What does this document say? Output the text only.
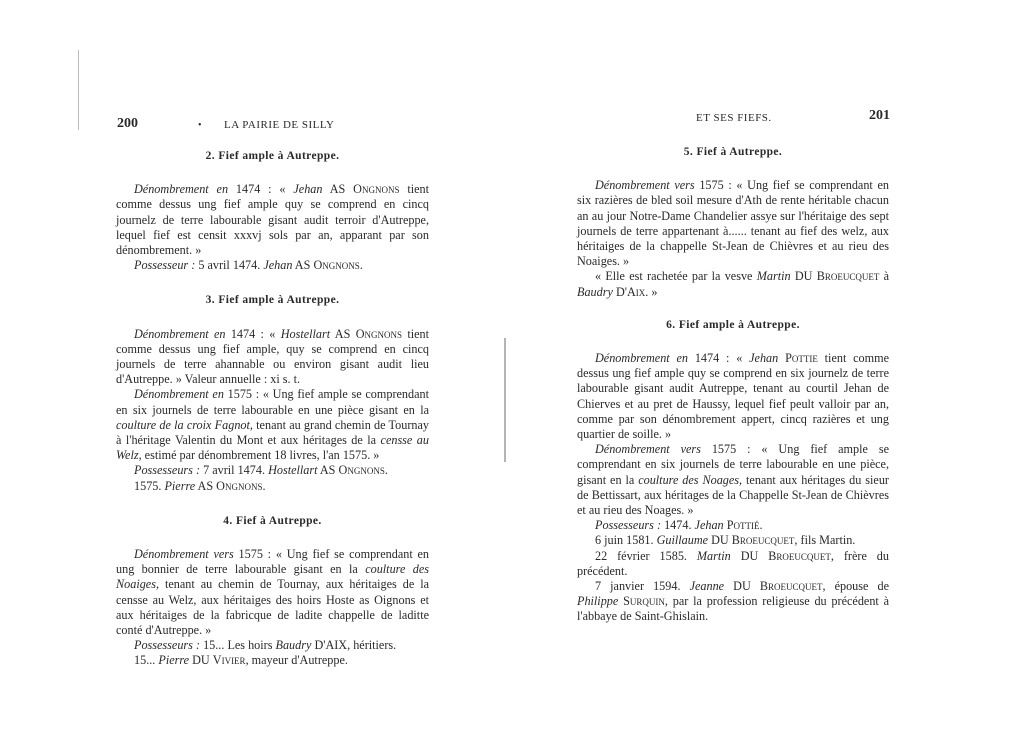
200	• LA PAIRIE DE SILLY
2. Fief ample à Autreppe.

Dénombrement en 1474 : « Jehan AS Ongnons tient comme dessus ung fief ample quy se comprend en cincq journelz de terre labourable gisant audit terroir d'Autreppe, lequel fief est censit xxxvj sols par an, apparant par son dénombrement. »

Possesseur : 5 avril 1474. Jehan AS Ongnons.

3. Fief ample à Autreppe.

Dénombrement en 1474 : « Hostellart AS Ongnons tient comme dessus ung fief ample, quy se comprend en cincq journels de terre ahannable ou environ gisant audit lieu d'Autreppe. » Valeur annuelle : xi s. t.

Dénombrement en 1575 : « Ung fief ample se comprendant en six journels de terre labourable en une pièce gisant en la coulture de la croix Fagnot, tenant au grand chemin de Tournay à l'héritage Valentin du Mont et aux héritages de la censse au Welz, estimé par dénombrement 18 livres, l'an 1575. »

Possesseurs : 7 avril 1474. Hostellart AS Ongnons.

1575. Pierre AS Ongnons.

4. Fief à Autreppe.

Dénombrement vers 1575 : « Ung fief se comprendant en ung bonnier de terre labourable gisant en la coulture des Noaiges, tenant au chemin de Tournay, aux héritaiges de la censse au Welz, aux héritaiges des hoirs Hoste as Oignons et aux héritaiges de la fabricque de ladite chappelle de laditte conté d'Autreppe. »

Possesseurs : 15... Les hoirs Baudry D'AIX, héritiers.

15... Pierre DU Vivier, mayeur d'Autreppe.

ET SES FIEFS.	201
5. Fief à Autreppe.

Dénombrement vers 1575 : « Ung fief se comprendant en six razières de bled soil mesure d'Ath de rente héritable chacun an au jour Notre-Dame Chandelier assye sur l'héritaige des sept journels de terre appartenant à...... tenant au fief des welz, aux héritaiges de la chappelle St-Jean de Chièvres et au rieu des Noaiges. »

« Elle est rachetée par la vesve Martin DU Broeucquet à Baudry D'Aix. »

6. Fief ample à Autreppe.

Dénombrement en 1474 : « Jehan Pottie tient comme dessus ung fief ample quy se comprend en six journelz de terre labourable gisant audit Autreppe, tenant au courtil Jehan de Chierves et au pret de Haussy, lequel fief peult valloir par an, comme par son dénombrement appert, cincq razières et ung quartier de soille. »

Dénombrement vers 1575 : « Ung fief ample se comprendant en six journels de terre labourable en une pièce, gisant en la coulture des Noages, tenant aux héritages du sieur de Bettissart, aux héritages de la Chappelle St-Jean de Chièvres et au rieu des Noages. »

Possesseurs : 1474. Jehan Pottié.

6 juin 1581. Guillaume DU Broeucquet, fils Martin.

22 février 1585. Martin DU Broeucquet, frère du précédent.

7 janvier 1594. Jeanne DU Broeucquet, épouse de Philippe Surquin, par la profession religieuse du précédent à l'abbaye de Saint-Ghislain.
